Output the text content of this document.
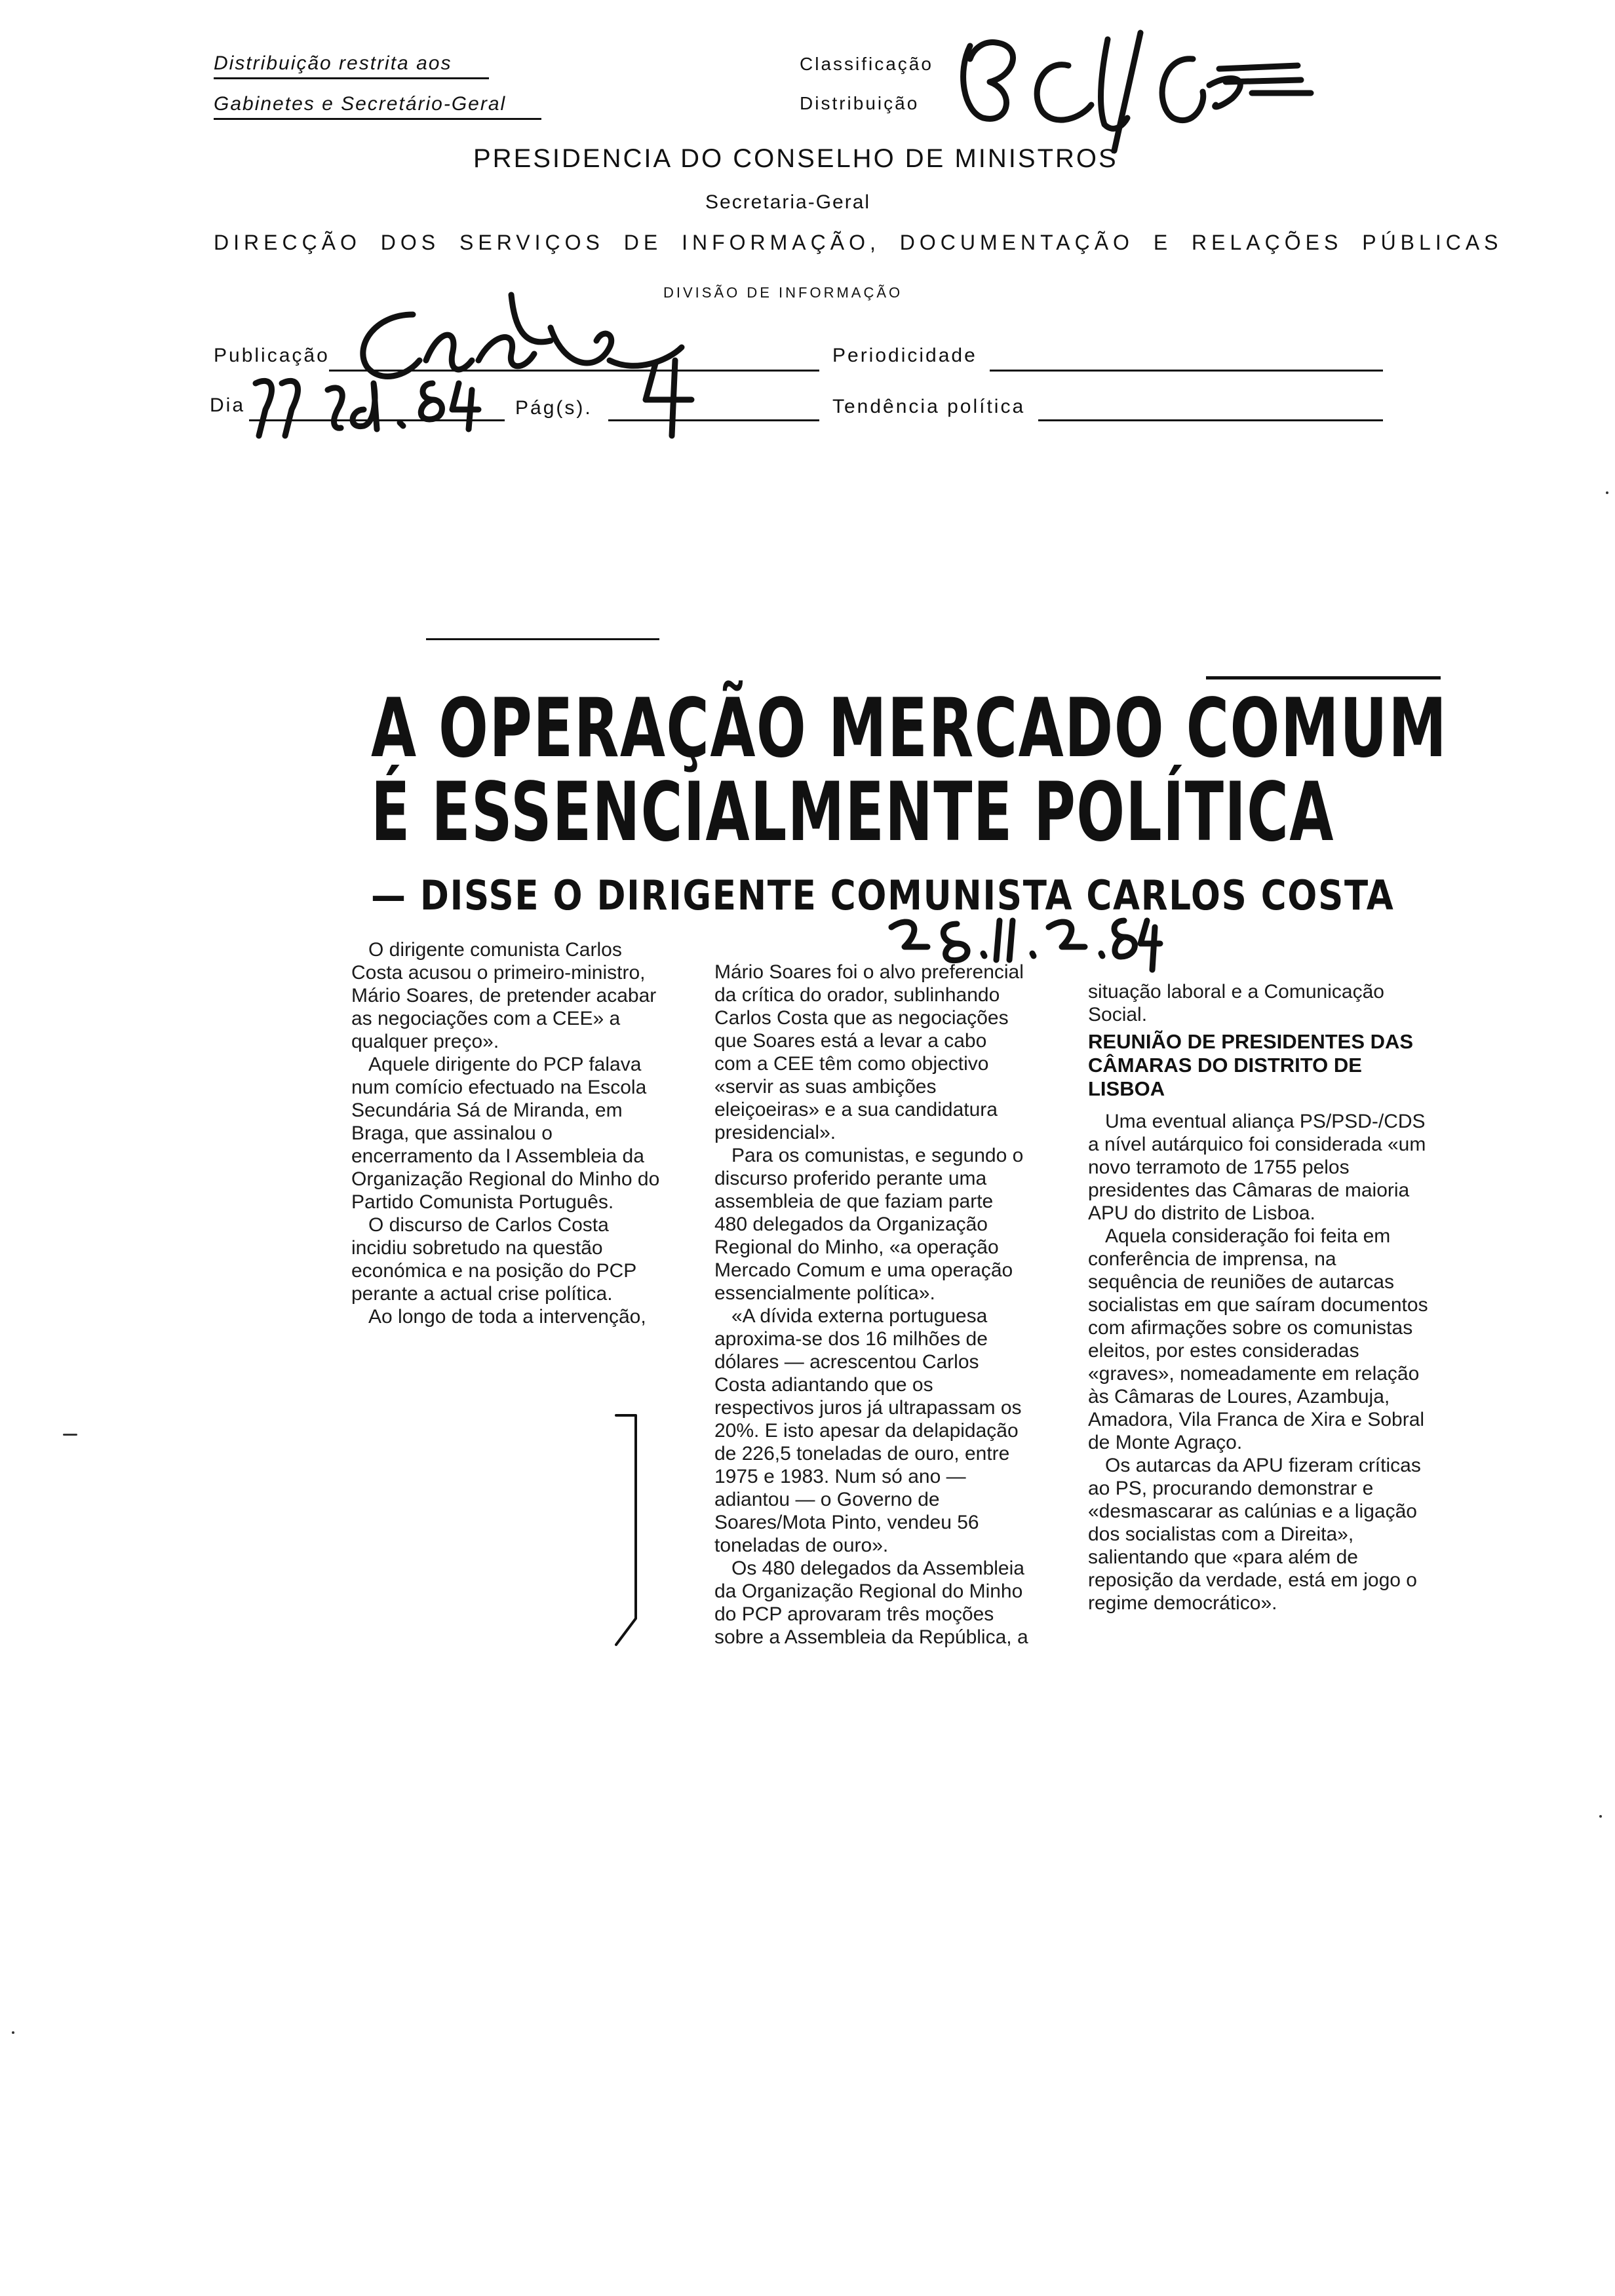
Distribuição restrita aos
Gabinetes e Secretário-Geral
Classificação
Distribuição
PRESIDENCIA DO CONSELHO DE MINISTROS
Secretaria-Geral
DIRECÇÃO DOS SERVIÇOS DE INFORMAÇÃO, DOCUMENTAÇÃO E RELAÇÕES PÚBLICAS
DIVISÃO DE INFORMAÇÃO
Publicação	Periodicidade
Dia	Pág(s).	Tendência política
A OPERAÇÃO MERCADO COMUM
É ESSENCIALMENTE POLÍTICA
— DISSE O DIRIGENTE COMUNISTA CARLOS COSTA

O dirigente comunista Carlos Costa acusou o primeiro-ministro, Mário Soares, de pretender acabar as negociações com a CEE» a qualquer preço».

Aquele dirigente do PCP falava num comício efectuado na Escola Secundária Sá de Miranda, em Braga, que assinalou o encerramento da I Assembleia da Organização Regional do Minho do Partido Comunista Português.

O discurso de Carlos Costa incidiu sobretudo na questão económica e na posição do PCP perante a actual crise política.

Ao longo de toda a intervenção,

Mário Soares foi o alvo preferencial da crítica do orador, sublinhando Carlos Costa que as negociações que Soares está a levar a cabo com a CEE têm como objectivo «servir as suas ambições eleiçoeiras» e a sua candidatura presidencial».

Para os comunistas, e segundo o discurso proferido perante uma assembleia de que faziam parte 480 delegados da Organização Regional do Minho, «a operação Mercado Comum e uma operação essencialmente política».

«A dívida externa portuguesa aproxima-se dos 16 milhões de dólares — acrescentou Carlos Costa adiantando que os respectivos juros já ultrapassam os 20%. E isto apesar da delapidação de 226,5 toneladas de ouro, entre 1975 e 1983. Num só ano — adiantou — o Governo de Soares/Mota Pinto, vendeu 56 toneladas de ouro».

Os 480 delegados da Assembleia da Organização Regional do Minho do PCP aprovaram três moções sobre a Assembleia da República, a

situação laboral e a Comunicação Social.

REUNIÃO DE PRESIDENTES DAS CÂMARAS DO DISTRITO DE LISBOA

Uma eventual aliança PS/PSD-/CDS a nível autárquico foi considerada «um novo terramoto de 1755 pelos presidentes das Câmaras de maioria APU do distrito de Lisboa.

Aquela consideração foi feita em conferência de imprensa, na sequência de reuniões de autarcas socialistas em que saíram documentos com afirmações sobre os comunistas eleitos, por estes consideradas «graves», nomeadamente em relação às Câmaras de Loures, Azambuja, Amadora, Vila Franca de Xira e Sobral de Monte Agraço.

Os autarcas da APU fizeram críticas ao PS, procurando demonstrar e «desmascarar as calúnias e a ligação dos socialistas com a Direita», salientando que «para além de reposição da verdade, está em jogo o regime democrático».
